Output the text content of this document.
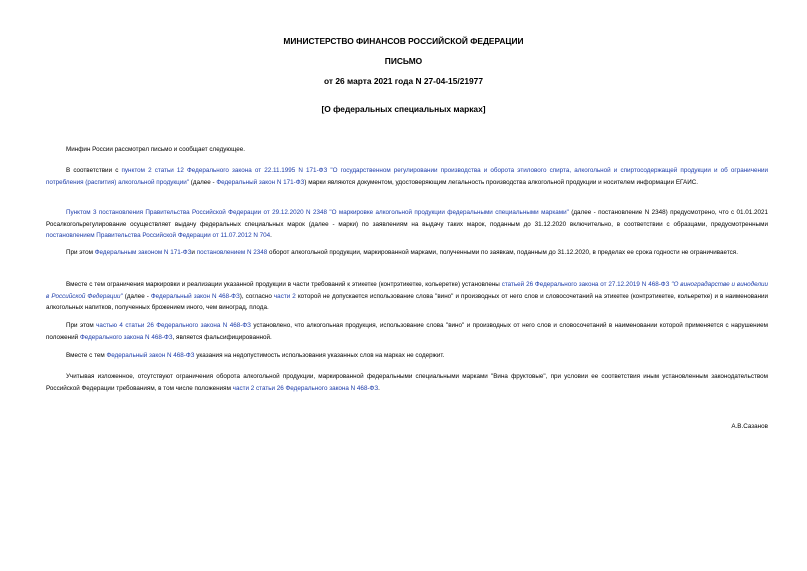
МИНИСТЕРСТВО ФИНАНСОВ РОССИЙСКОЙ ФЕДЕРАЦИИ
ПИСЬМО
от 26 марта 2021 года N 27-04-15/21977
[О федеральных специальных марках]
Минфин России рассмотрел письмо и сообщает следующее.
В соответствии с пунктом 2 статьи 12 Федерального закона от 22.11.1995 N 171-ФЗ "О государственном регулировании производства и оборота этилового спирта, алкогольной и спиртосодержащей продукции и об ограничении потребления (распития) алкогольной продукции" (далее - Федеральный закон N 171-ФЗ) марки являются документом, удостоверяющим легальность производства алкогольной продукции и носителем информации ЕГАИС.
Пунктом 3 постановления Правительства Российской Федерации от 29.12.2020 N 2348 "О маркировке алкогольной продукции федеральными специальными марками" (далее - постановление N 2348) предусмотрено, что с 01.01.2021 Росалкогольрегулирование осуществляет выдачу федеральных специальных марок (далее - марки) по заявлениям на выдачу таких марок, поданным до 31.12.2020 включительно, в соответствии с образцами, предусмотренными постановлением Правительства Российской Федерации от 11.07.2012 N 704.
При этом Федеральным законом N 171-ФЗи постановлением N 2348 оборот алкогольной продукции, маркированной марками, полученными по заявкам, поданным до 31.12.2020, в пределах ее срока годности не ограничивается.
Вместе с тем ограничения маркировки и реализации указанной продукции в части требований к этикетке (контрэтикетке, кольеретке) установлены статьей 26 Федерального закона от 27.12.2019 N 468-ФЗ "О виноградарстве и виноделии в Российской Федерации" (далее - Федеральный закон N 468-ФЗ), согласно части 2 которой не допускается использование слова "вино" и производных от него слов и словосочетаний на этикетке (контрэтикетке, кольеретке) и в наименовании алкогольных напитков, полученных брожением иного, чем виноград, плода.
При этом частью 4 статьи 26 Федерального закона N 468-ФЗ установлено, что алкогольная продукция, использование слова "вино" и производных от него слов и словосочетаний в наименовании которой применяется с нарушением положений Федерального закона N 468-ФЗ, является фальсифицированной.
Вместе с тем Федеральный закон N 468-ФЗ указания на недопустимость использования указанных слов на марках не содержит.
Учитывая изложенное, отсутствуют ограничения оборота алкогольной продукции, маркированной федеральными специальными марками "Вина фруктовые", при условии ее соответствия иным установленным законодательством Российской Федерации требованиям, в том числе положениям части 2 статьи 26 Федерального закона N 468-ФЗ.
А.В.Сазанов
